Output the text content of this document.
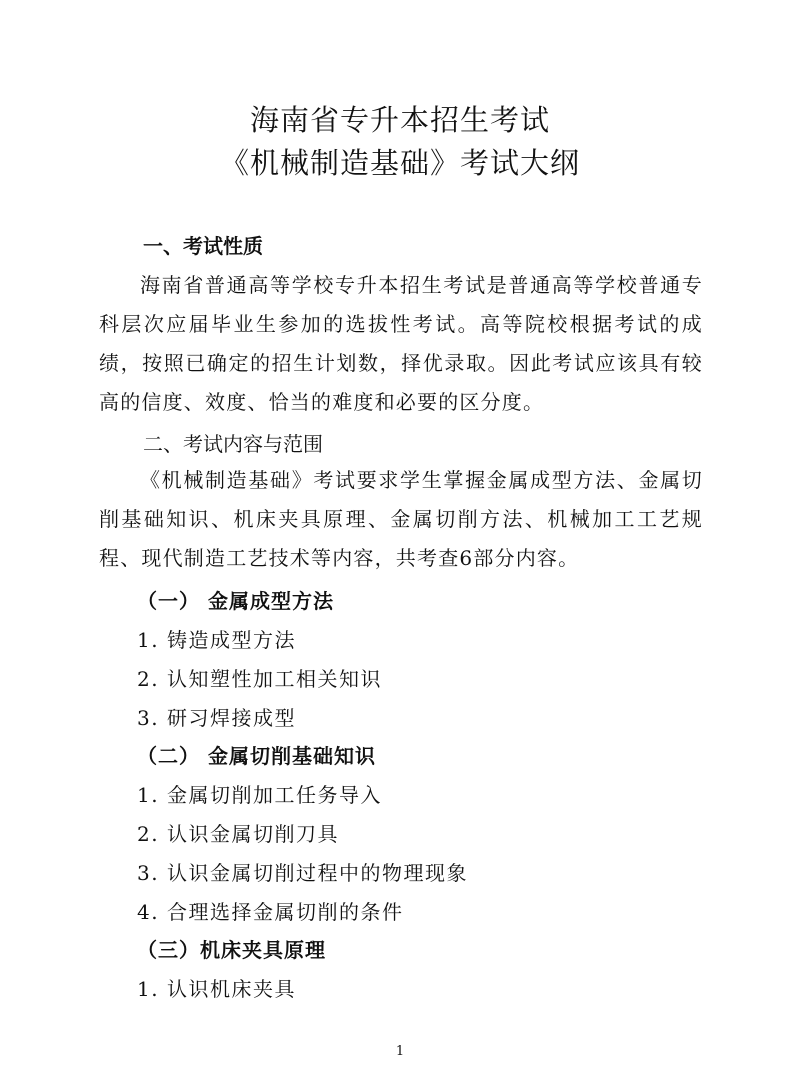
海南省专升本招生考试
《机械制造基础》考试大纲
一、考试性质

海南省普通高等学校专升本招生考试是普通高等学校普通专科层次应届毕业生参加的选拔性考试。高等院校根据考试的成绩，按照已确定的招生计划数，择优录取。因此考试应该具有较高的信度、效度、恰当的难度和必要的区分度。

二、考试内容与范围

《机械制造基础》考试要求学生掌握金属成型方法、金属切削基础知识、机床夹具原理、金属切削方法、机械加工工艺规程、现代制造工艺技术等内容，共考查6部分内容。

（一） 金属成型方法

1. 铸造成型方法

2. 认知塑性加工相关知识

3. 研习焊接成型

（二） 金属切削基础知识

1. 金属切削加工任务导入

2. 认识金属切削刀具

3. 认识金属切削过程中的物理现象

4. 合理选择金属切削的条件

（三）机床夹具原理

1. 认识机床夹具

1
